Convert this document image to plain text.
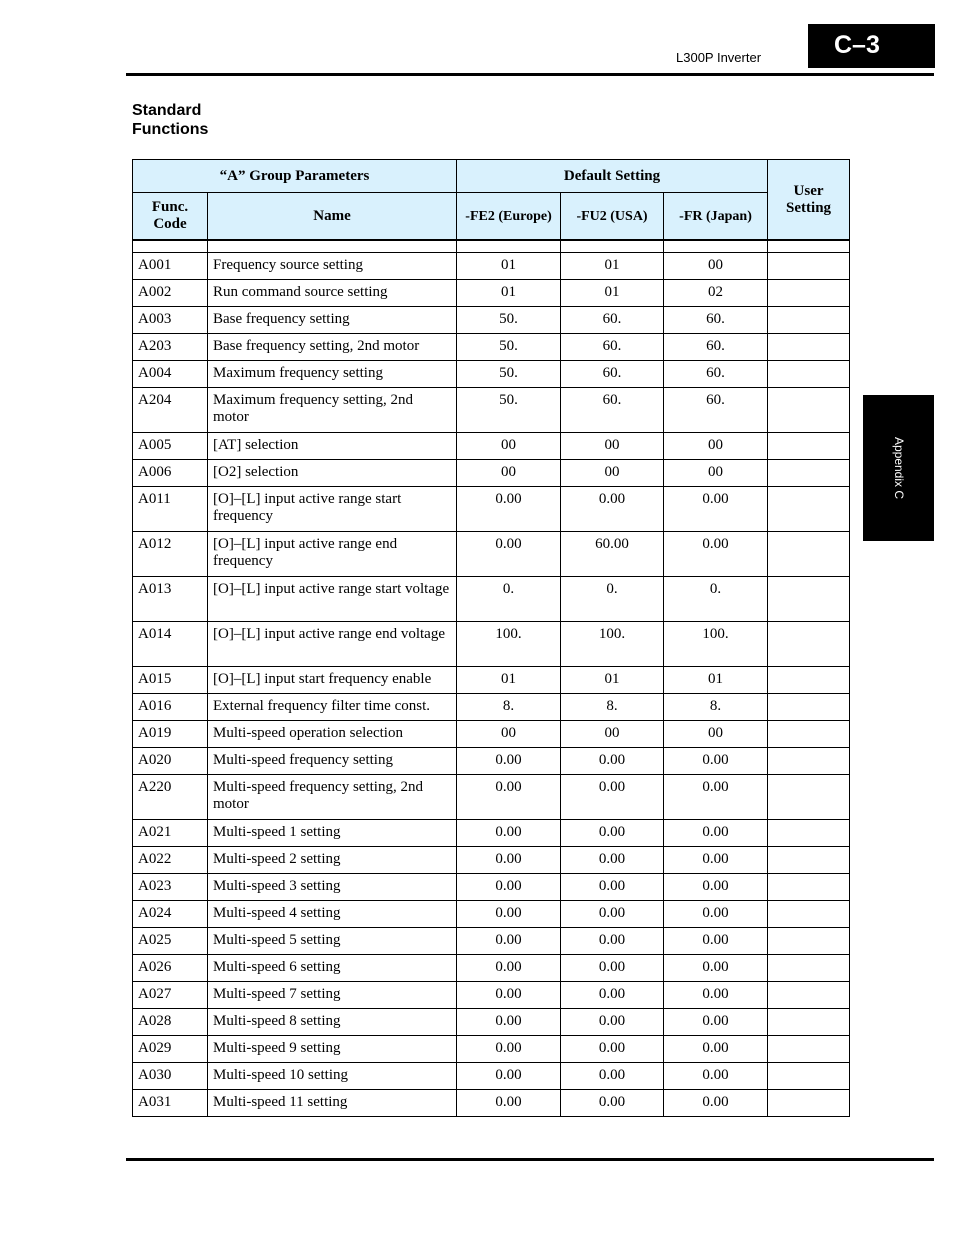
L300P Inverter	C–3
Appendix C
Standard
Functions
“A” Group Parameters		Default Setting			User
Setting

Func.
Code	Name	-FE2 (Europe)	-FU2 (USA)	-FR (Japan)	

A001	Frequency source setting	01	01	00	
A002	Run command source setting	01	01	02	
A003	Base frequency setting	50.	60.	60.	
A203	Base frequency setting, 2nd motor	50.	60.	60.	
A004	Maximum frequency setting	50.	60.	60.	
A204	Maximum frequency setting, 2nd motor	50.	60.	60.	
A005	[AT] selection	00	00	00	
A006	[O2] selection	00	00	00	
A011	[O]–[L] input active range start frequency	0.00	0.00	0.00	
A012	[O]–[L] input active range end frequency	0.00	60.00	0.00	
A013	[O]–[L] input active range start voltage	0.	0.	0.	
A014	[O]–[L] input active range end voltage	100.	100.	100.	
A015	[O]–[L] input start frequency enable	01	01	01	
A016	External frequency filter time const.	8.	8.	8.	
A019	Multi-speed operation selection	00	00	00	
A020	Multi-speed frequency setting	0.00	0.00	0.00	
A220	Multi-speed frequency setting, 2nd motor	0.00	0.00	0.00	
A021	Multi-speed 1 setting	0.00	0.00	0.00	
A022	Multi-speed 2 setting	0.00	0.00	0.00	
A023	Multi-speed 3 setting	0.00	0.00	0.00	
A024	Multi-speed 4 setting	0.00	0.00	0.00	
A025	Multi-speed 5 setting	0.00	0.00	0.00	
A026	Multi-speed 6 setting	0.00	0.00	0.00	
A027	Multi-speed 7 setting	0.00	0.00	0.00	
A028	Multi-speed 8 setting	0.00	0.00	0.00	
A029	Multi-speed 9 setting	0.00	0.00	0.00	
A030	Multi-speed 10 setting	0.00	0.00	0.00	
A031	Multi-speed 11 setting	0.00	0.00	0.00	
